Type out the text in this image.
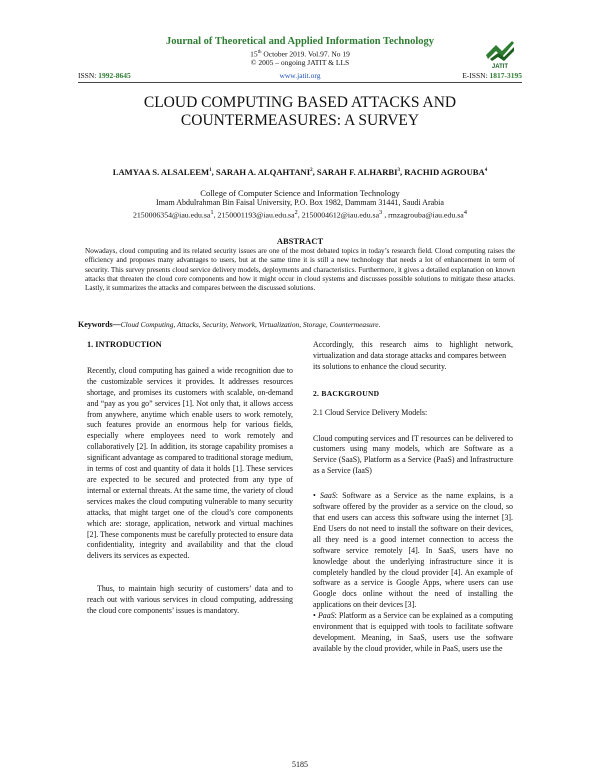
Journal of Theoretical and Applied Information Technology
15th October 2019. Vol.97. No 19
© 2005 – ongoing JATIT & LLS	JATIT
ISSN: 1992-8645	www.jatit.org	E-ISSN: 1817-3195
CLOUD COMPUTING BASED ATTACKS AND
COUNTERMEASURES: A SURVEY
LAMYAA S. ALSALEEM$^1$, SARAH A. ALQAHTANI$^2$, SARAH F. ALHARBI$^3$, RACHID AGROUBA$^4$
College of Computer Science and Information Technology
Imam Abdulrahman Bin Faisal University, P.O. Box 1982, Dammam 31441, Saudi Arabia
$2150006354@iau.edu.sa^1$, $2150001193@iau.edu.sa^2$, $2150004612@iau.edu.sa^3$ , $rmzagrouba@iau.edu.sa^4$
ABSTRACT
Nowadays, cloud computing and its related security issues are one of the most debated topics in today’s research field. Cloud computing raises the efficiency and proposes many advantages to users, but at the same time it is still a new technology that needs a lot of enhancement in term of security. This survey presents cloud service delivery models, deployments and characteristics. Furthermore, it gives a detailed explanation on known attacks that threaten the cloud core components and how it might occur in cloud systems and discusses possible solutions to mitigate these attacks. Lastly, it summarizes the attacks and compares between the discussed solutions.
Keywords—Cloud Computing, Attacks, Security, Network, Virtualization, Storage, Countermeasure.

1. INTRODUCTION

Recently, cloud computing has gained a wide recognition due to the customizable services it provides. It addresses resources shortage, and promises its customers with scalable, on-demand and “pay as you go” services [1]. Not only that, it allows access from anywhere, anytime which enable users to work remotely, such features provide an enormous help for various fields, especially where employees need to work remotely and collaboratively [2]. In addition, its storage capability promises a significant advantage as compared to traditional storage medium, in terms of cost and quantity of data it holds [1]. These services are expected to be secured and protected from any type of internal or external threats. At the same time, the variety of cloud services makes the cloud computing vulnerable to many security attacks, that might target one of the cloud’s core components which are: storage, application, network and virtual machines [2]. These components must be carefully protected to ensure data confidentiality, integrity and availability and that the cloud delivers its services as expected.

Thus, to maintain high security of customers’ data and to reach out with various services in cloud computing, addressing the cloud core components’ issues is mandatory.

Accordingly, this research aims to highlight network, virtualization and data storage attacks and compares between

its solutions to enhance the cloud security.

2. BACKGROUND

2.1 Cloud Service Delivery Models:

Cloud computing services and IT resources can be delivered to customers using many models, which are Software as a Service (SaaS), Platform as a Service (PaaS) and Infrastructure as a Service (IaaS)

• SaaS: Software as a Service as the name explains, is a software offered by the provider as a service on the cloud, so that end users can access this software using the internet [3]. End Users do not need to install the software on their devices, all they need is a good internet connection to access the software service remotely [4]. In SaaS, users have no knowledge about the underlying infrastructure since it is completely handled by the cloud provider [4]. An example of software as a service is Google Apps, where users can use Google docs online without the need of installing the applications on their devices [3].

• PaaS: Platform as a Service can be explained as a computing environment that is equipped with tools to facilitate software development. Meaning, in SaaS, users use the software available by the cloud provider, while in PaaS, users use the

5185
